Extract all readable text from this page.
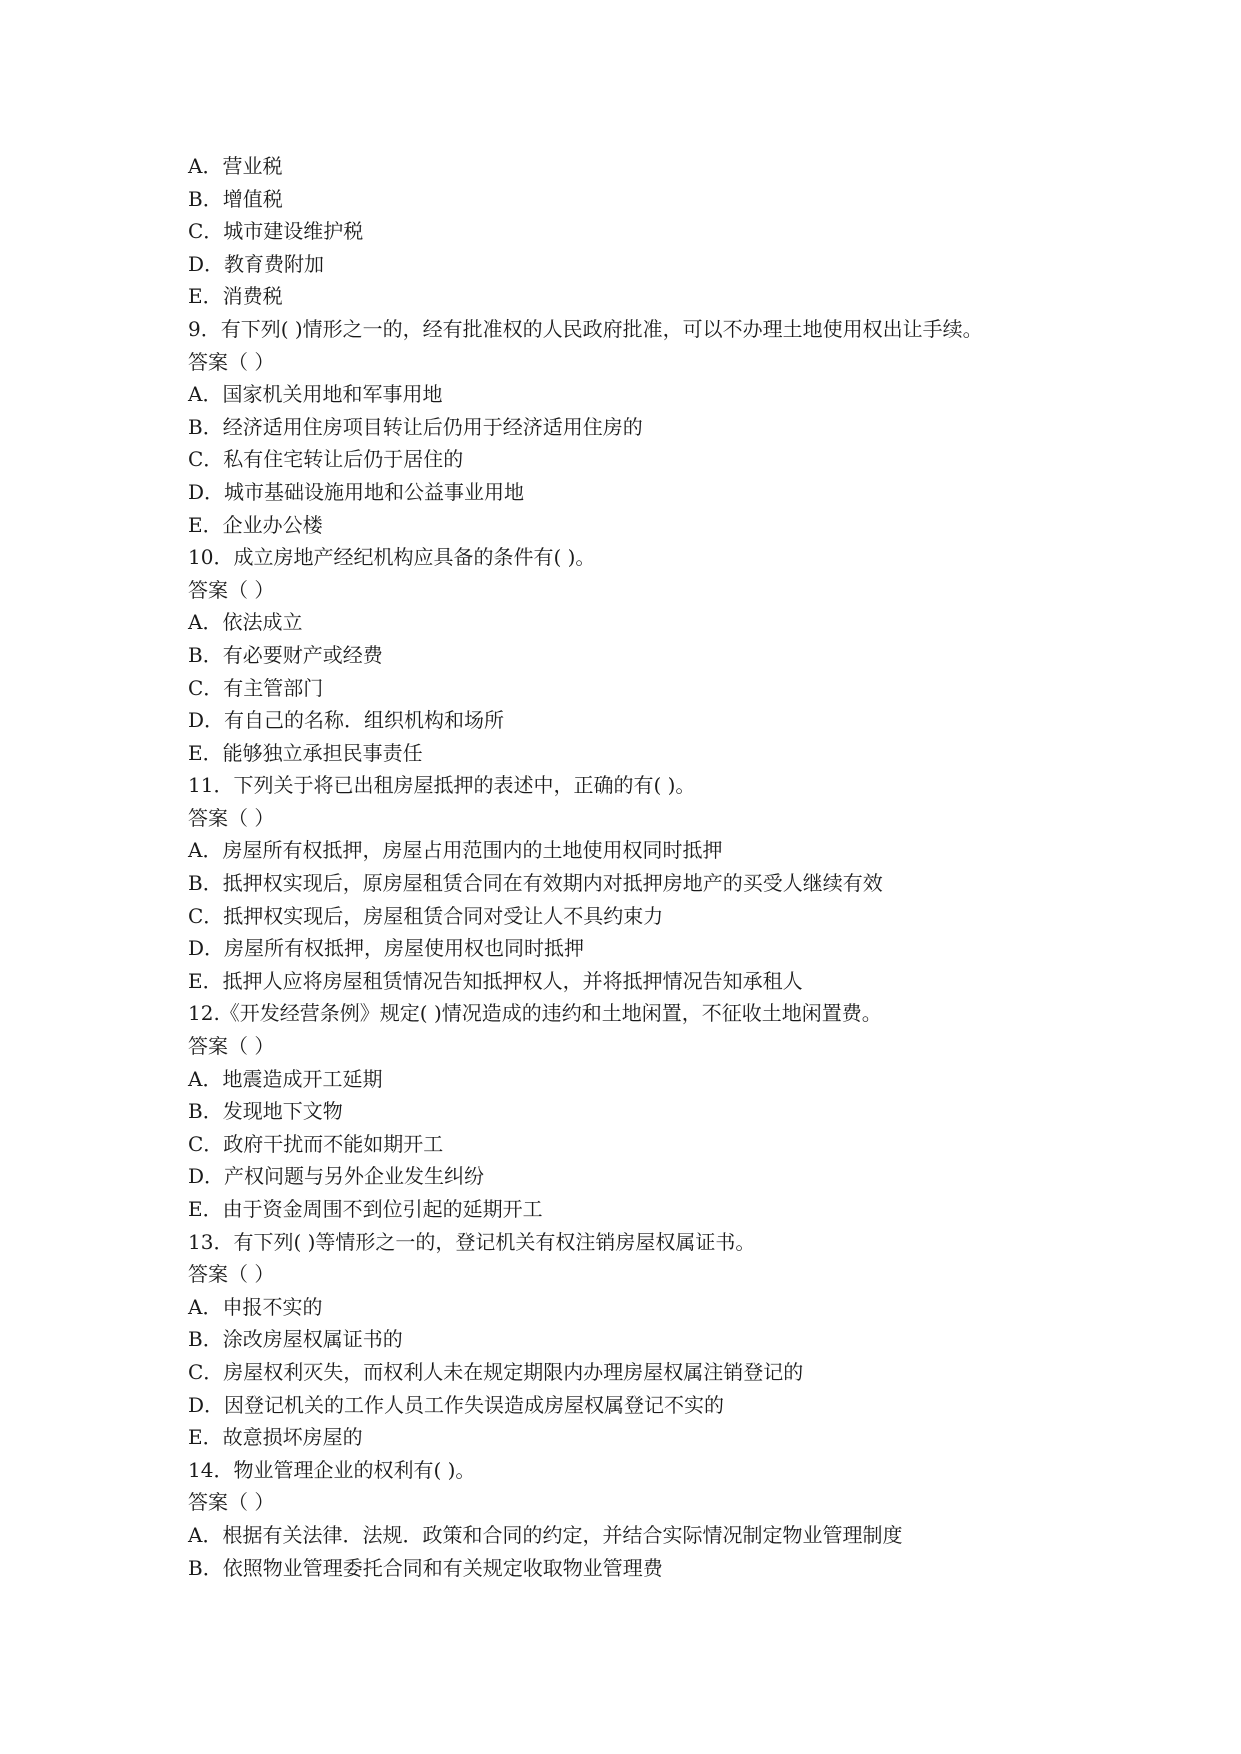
A．营业税
B．增值税
C．城市建设维护税
D．教育费附加
E．消费税
9．有下列( )情形之一的，经有批准权的人民政府批准，可以不办理土地使用权出让手续。
答案（ ）
A．国家机关用地和军事用地
B．经济适用住房项目转让后仍用于经济适用住房的
C．私有住宅转让后仍于居住的
D．城市基础设施用地和公益事业用地
E．企业办公楼
10．成立房地产经纪机构应具备的条件有( )。
答案（ ）
A．依法成立
B．有必要财产或经费
C．有主管部门
D．有自己的名称．组织机构和场所
E．能够独立承担民事责任
11．下列关于将已出租房屋抵押的表述中，正确的有( )。
答案（ ）
A．房屋所有权抵押，房屋占用范围内的土地使用权同时抵押
B．抵押权实现后，原房屋租赁合同在有效期内对抵押房地产的买受人继续有效
C．抵押权实现后，房屋租赁合同对受让人不具约束力
D．房屋所有权抵押，房屋使用权也同时抵押
E．抵押人应将房屋租赁情况告知抵押权人，并将抵押情况告知承租人
12.《开发经营条例》规定( )情况造成的违约和土地闲置，不征收土地闲置费。
答案（ ）
A．地震造成开工延期
B．发现地下文物
C．政府干扰而不能如期开工
D．产权问题与另外企业发生纠纷
E．由于资金周围不到位引起的延期开工
13．有下列( )等情形之一的，登记机关有权注销房屋权属证书。
答案（ ）
A．申报不实的
B．涂改房屋权属证书的
C．房屋权利灭失，而权利人未在规定期限内办理房屋权属注销登记的
D．因登记机关的工作人员工作失误造成房屋权属登记不实的
E．故意损坏房屋的
14．物业管理企业的权利有( )。
答案（ ）
A．根据有关法律．法规．政策和合同的约定，并结合实际情况制定物业管理制度
B．依照物业管理委托合同和有关规定收取物业管理费
